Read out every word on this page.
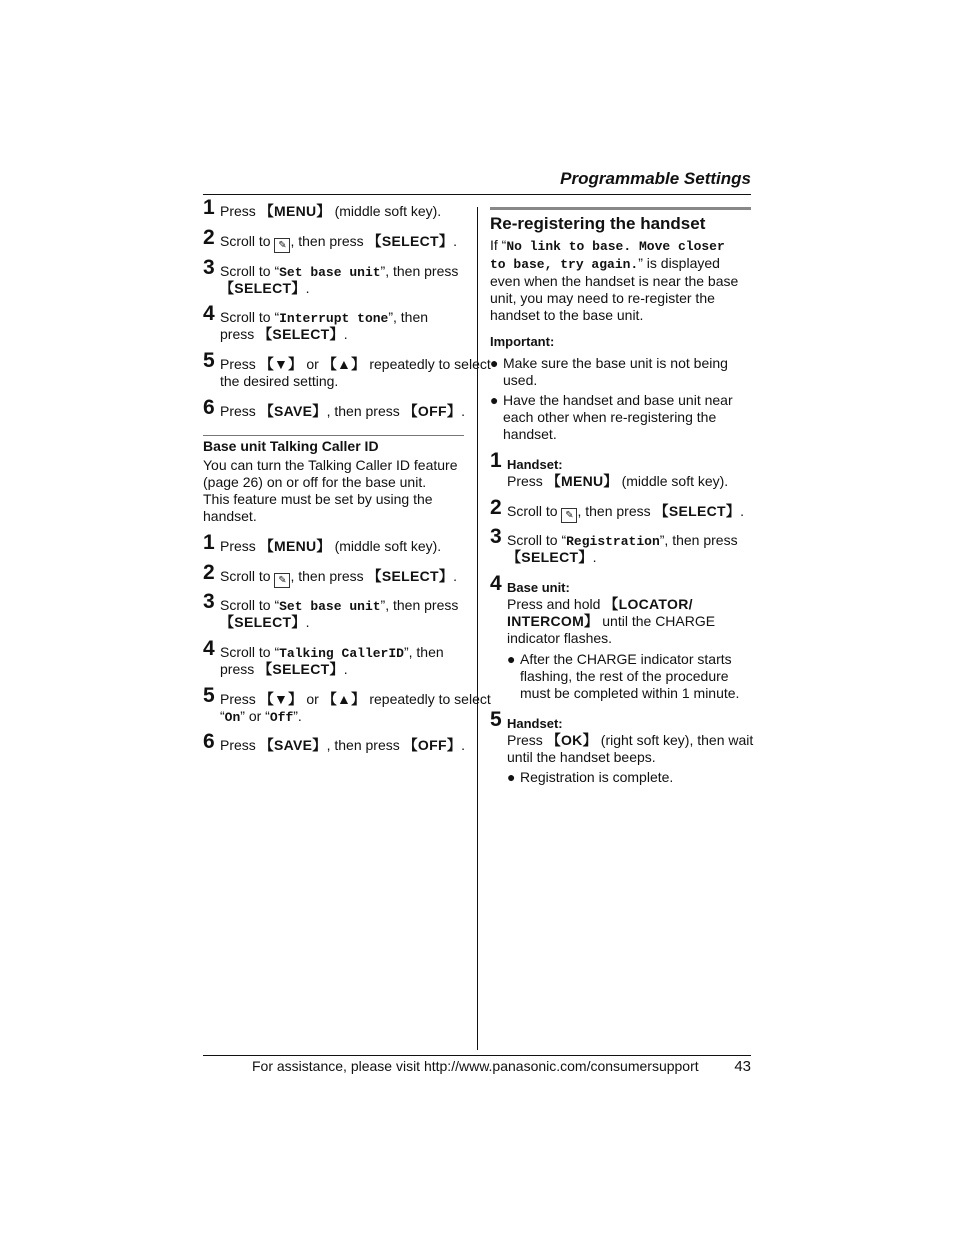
Programmable Settings
1 Press 【MENU】 (middle soft key).
2 Scroll to ✎ , then press 【SELECT】.
3 Scroll to “Set base unit”, then press
【SELECT】.
4 Scroll to “Interrupt tone”, then
press 【SELECT】.
5 Press 【▼】 or 【▲】 repeatedly to select
the desired setting.
6 Press 【SAVE】, then press 【OFF】.
Base unit Talking Caller ID
You can turn the Talking Caller ID feature
(page 26) on or off for the base unit.
This feature must be set by using the
handset.
1 Press 【MENU】 (middle soft key).
2 Scroll to ✎ , then press 【SELECT】.
3 Scroll to “Set base unit”, then press
【SELECT】.
4 Scroll to “Talking CallerID”, then
press 【SELECT】.
5 Press 【▼】 or 【▲】 repeatedly to select
“On” or “Off”.
6 Press 【SAVE】, then press 【OFF】.
Re-registering the handset
If “No link to base. Move closer
to base, try again.” is displayed
even when the handset is near the base
unit, you may need to re-register the
handset to the base unit.
Important:
● Make sure the base unit is not being
used.
● Have the handset and base unit near
each other when re-registering the
handset.
1 Handset:
Press 【MENU】 (middle soft key).
2 Scroll to ✎ , then press 【SELECT】.
3 Scroll to “Registration”, then press
【SELECT】.
4 Base unit:
Press and hold 【LOCATOR/
INTERCOM】 until the CHARGE
indicator flashes.
● After the CHARGE indicator starts
flashing, the rest of the procedure
must be completed within 1 minute.
5 Handset:
Press 【OK】 (right soft key), then wait
until the handset beeps.
● Registration is complete.
For assistance, please visit http://www.panasonic.com/consumersupport	43
